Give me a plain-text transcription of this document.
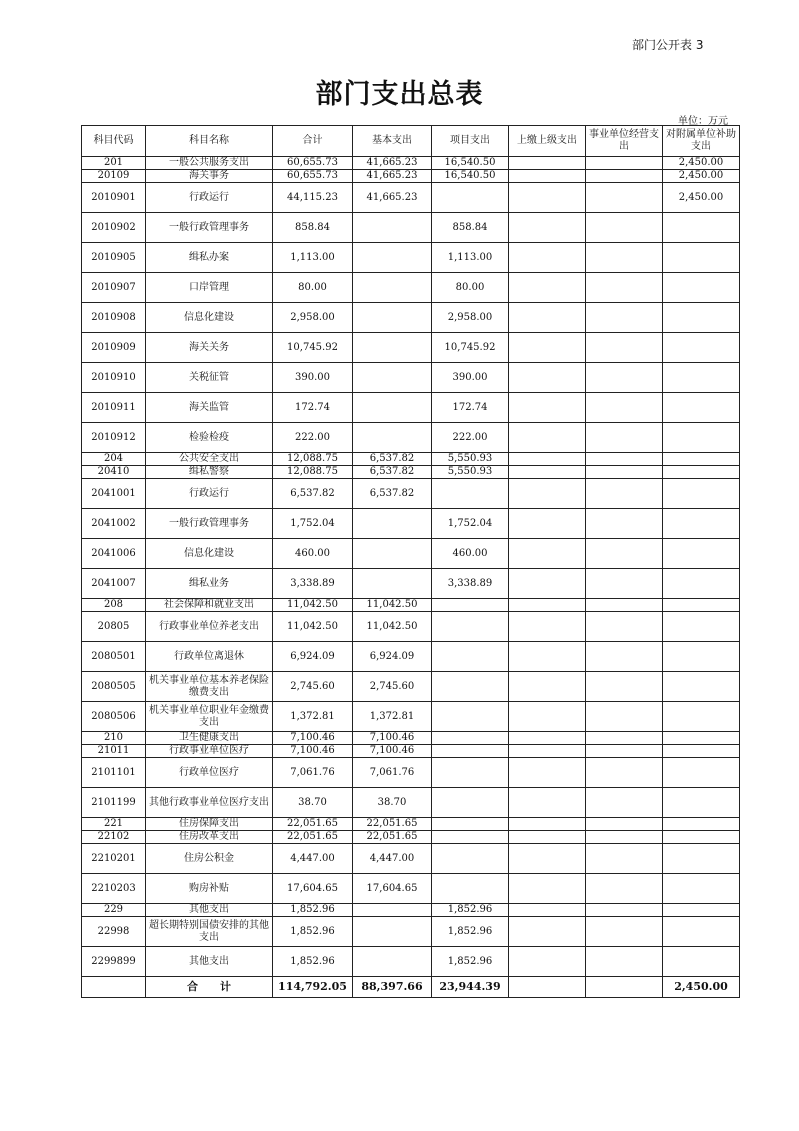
部门公开表 3
部门支出总表
单位：万元
科目代码	科目名称	合计	基本支出	项目支出	上缴上级支出	事业单位经营支出	对附属单位补助支出
201	一般公共服务支出	60,655.73	41,665.23	16,540.50			2,450.00
20109	海关事务	60,655.73	41,665.23	16,540.50			2,450.00
2010901	行政运行	44,115.23	41,665.23				2,450.00
2010902	一般行政管理事务	858.84		858.84			
2010905	缉私办案	1,113.00		1,113.00			
2010907	口岸管理	80.00		80.00			
2010908	信息化建设	2,958.00		2,958.00			
2010909	海关关务	10,745.92		10,745.92			
2010910	关税征管	390.00		390.00			
2010911	海关监管	172.74		172.74			
2010912	检验检疫	222.00		222.00			
204	公共安全支出	12,088.75	6,537.82	5,550.93			
20410	缉私警察	12,088.75	6,537.82	5,550.93			
2041001	行政运行	6,537.82	6,537.82				
2041002	一般行政管理事务	1,752.04		1,752.04			
2041006	信息化建设	460.00		460.00			
2041007	缉私业务	3,338.89		3,338.89			
208	社会保障和就业支出	11,042.50	11,042.50				
20805	行政事业单位养老支出	11,042.50	11,042.50				
2080501	行政单位离退休	6,924.09	6,924.09				
2080505	机关事业单位基本养老保险缴费支出	2,745.60	2,745.60				
2080506	机关事业单位职业年金缴费支出	1,372.81	1,372.81				
210	卫生健康支出	7,100.46	7,100.46				
21011	行政事业单位医疗	7,100.46	7,100.46				
2101101	行政单位医疗	7,061.76	7,061.76				
2101199	其他行政事业单位医疗支出	38.70	38.70				
221	住房保障支出	22,051.65	22,051.65				
22102	住房改革支出	22,051.65	22,051.65				
2210201	住房公积金	4,447.00	4,447.00				
2210203	购房补贴	17,604.65	17,604.65				
229	其他支出	1,852.96		1,852.96			
22998	超长期特别国债安排的其他支出	1,852.96		1,852.96			
2299899	其他支出	1,852.96		1,852.96			
	合　　计	114,792.05	88,397.66	23,944.39			2,450.00
